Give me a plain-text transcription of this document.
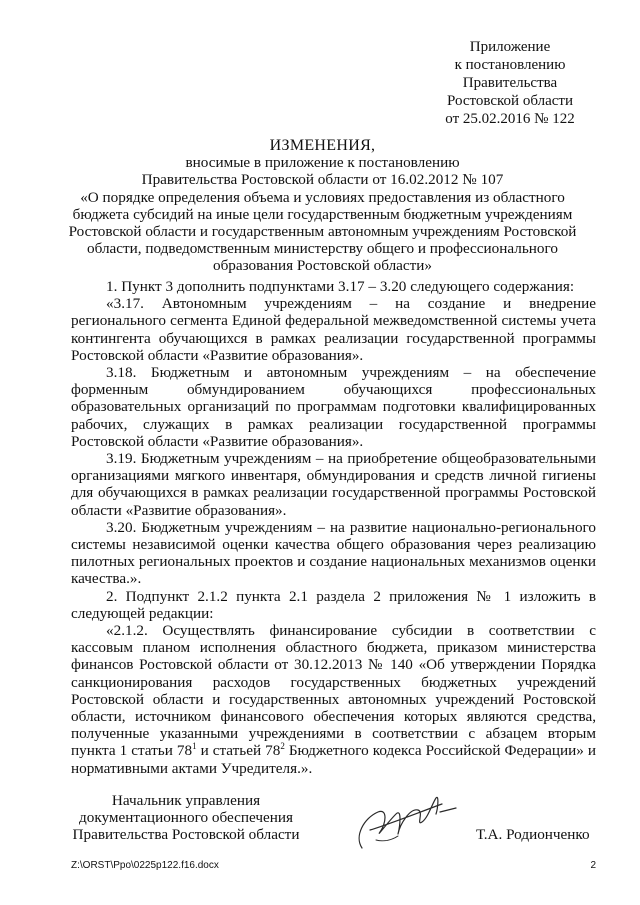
Приложение
к постановлению
Правительства
Ростовской области
от 25.02.2016 № 122
ИЗМЕНЕНИЯ,
вносимые в приложение к постановлению
Правительства Ростовской области от 16.02.2012 № 107
«О порядке определения объема и условиях предоставления из областного
бюджета субсидий на иные цели государственным бюджетным учреждениям
Ростовской области и государственным автономным учреждениям Ростовской
области, подведомственным министерству общего и профессионального
образования Ростовской области»

1. Пункт 3 дополнить подпунктами 3.17 – 3.20 следующего содержания:

«3.17. Автономным учреждениям – на создание и внедрение регионального сегмента Единой федеральной межведомственной системы учета контингента обучающихся в рамках реализации государственной программы Ростовской области «Развитие образования».

3.18. Бюджетным и автономным учреждениям – на обеспечение форменным обмундированием обучающихся профессиональных образовательных организаций по программам подготовки квалифицированных рабочих, служащих в рамках реализации государственной программы Ростовской области «Развитие образования».

3.19. Бюджетным учреждениям – на приобретение общеобразовательными организациями мягкого инвентаря, обмундирования и средств личной гигиены для обучающихся в рамках реализации государственной программы Ростовской области «Развитие образования».

3.20. Бюджетным учреждениям – на развитие национально-регионального системы независимой оценки качества общего образования через реализацию пилотных региональных проектов и создание национальных механизмов оценки качества.».

2. Подпункт 2.1.2 пункта 2.1 раздела 2 приложения № 1 изложить в следующей редакции:

«2.1.2. Осуществлять финансирование субсидии в соответствии с кассовым планом исполнения областного бюджета, приказом министерства финансов Ростовской области от 30.12.2013 № 140 «Об утверждении Порядка санкционирования расходов государственных бюджетных учреждений Ростовской области и государственных автономных учреждений Ростовской области, источником финансового обеспечения которых являются средства, полученные указанными учреждениями в соответствии с абзацем вторым пункта 1 статьи $78^1$ и статьей $78^2$ Бюджетного кодекса Российской Федерации» и нормативными актами Учредителя.».

Начальник управления
документационного обеспечения
Правительства Ростовской области	Т.А. Родионченко
Z:\ORST\Ppo\0225p122.f16.docx	2
